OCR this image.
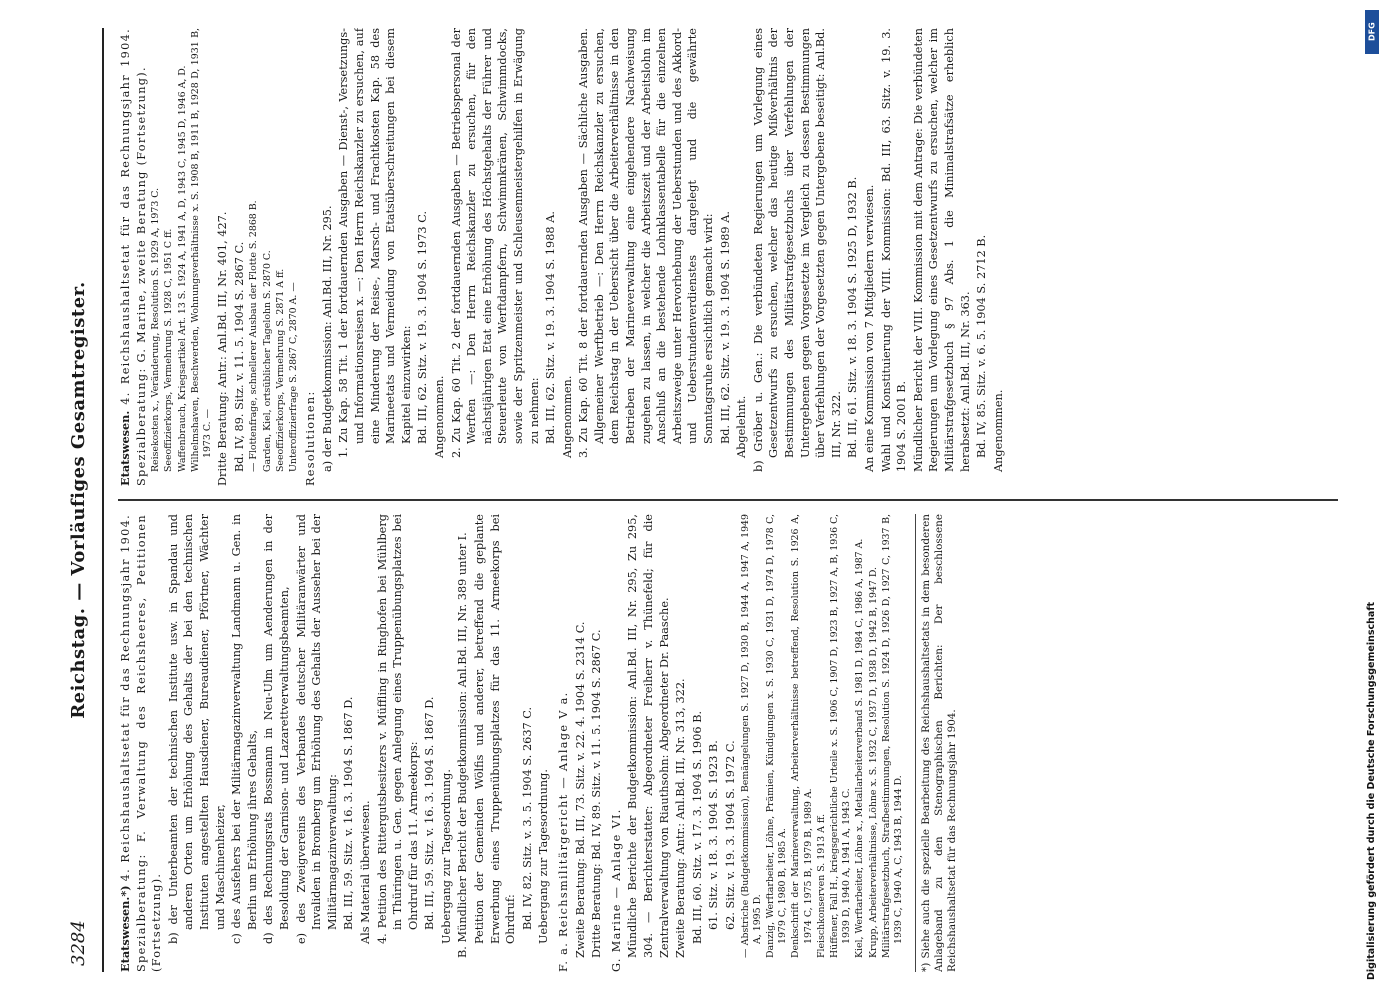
3284
Reichstag. — Vorläufiges Gesamtregister.

Etatswesen.*) 4. Reichshaushaltsetat für das Rechnungsjahr 1904. Spezialberatung: F. Verwaltung des Reichsheeres, Petitionen (Fortsetzung). b) der Unterbeamten der technischen Institute usw. in Spandau und anderen Orten um Erhöhung des Gehalts der bei den technischen Instituten angestellten Hausdiener, Bureaudiener, Pförtner, Wächter und Maschinenheizer, c) des Ausfehers bei der Militärmagazinverwaltung Landmann u. Gen. in Berlin um Erhöhung ihres Gehalts, d) des Rechnungsrats Bossmann in Neu-Ulm um Aenderungen in der Besoldung der Garnison- und Lazarettverwaltungsbeamten, e) des Zweigvereins des Verbandes deutscher Militäranwärter und Invaliden in Bromberg um Erhöhung des Gehalts der Ausseher bei der Militärmagazinverwaltung: Bd. III, 59. Sitz. v. 16. 3. 1904 S. 1867 D. Als Material überwiesen. 4. Petition des Rittergutsbesitzers v. Müffling in Ringhofen bei Mühlberg in Thüringen u. Gen. gegen Anlegung eines Truppenübungsplatzes bei Ohrdruf für das 11. Armeekorps: Bd. III, 59. Sitz. v. 16. 3. 1904 S. 1867 D. Uebergang zur Tagesordnung. B. Mündlicher Bericht der Budgetkommission: Anl.Bd. III, Nr. 389 unter I. Petition der Gemeinden Wölfis und anderer, betreffend die geplante Erwerbung eines Truppenübungsplatzes für das 11. Armeekorps bei Ohrdruf: Bd. IV, 82. Sitz. v. 3. 5. 1904 S. 2637 C. Uebergang zur Tagesordnung. F. a. Reichsmilitärgericht — Anlage V a. Zweite Beratung: Bd. III, 73. Sitz. v. 22. 4. 1904 S. 2314 C. Dritte Beratung: Bd. IV, 89. Sitz. v. 11. 5. 1904 S. 2867 C. G. Marine — Anlage VI. Mündliche Berichte der Budgetkommission: Anl.Bd. III, Nr. 295, Zu 295, 304. — Berichterstatter: Abgeordneter Freiherr v. Thünefeld; für die Zentralverwaltung von Riauthsohn: Abgeordneter Dr. Paasche. Zweite Beratung: Antr.: Anl.Bd. III, Nr. 313, 322. Bd. III, 60. Sitz. v. 17. 3. 1904 S. 1906 B. 61. Sitz. v. 18. 3. 1904 S. 1923 B. 62. Sitz. v. 19. 3. 1904 S. 1972 C. — Abstriche (Budgetkommission), Bemängelungen S. 1927 D, 1930 B, 1944 A, 1947 A, 1949 A, 1995 D. Danzig, Werftarbeiter, Löhne, Prämien, Kündigungen x. S. 1930 C, 1931 D, 1974 D, 1978 C, 1979 C, 1980 B, 1985 A. Denkschrift der Marineverwaltung, Arbeiterverhältnisse betreffend, Resolution S. 1926 A, 1974 C, 1975 B, 1979 B, 1989 A. Fleischkonserven S. 1913 A ff. Hüffener, Fall H., kriegsgerichtliche Urteile x. S. 1906 C, 1907 D, 1923 B, 1927 A, B, 1936 C, 1939 D, 1940 A, 1941 A, 1943 C. Kiel, Werftarbeiter, Löhne x., Metallarbeiterverband S. 1981 D, 1984 C, 1986 A, 1987 A. Krupp, Arbeiterverhältnisse, Löhne x. S. 1932 C, 1937 D, 1938 D, 1942 B, 1947 D. Militärstrafgesetzbuch, Strafbestimmungen, Resolution S. 1924 D, 1926 D, 1927 C, 1937 B, 1939 C, 1940 A, C, 1943 B, 1944 D.	*) Siehe auch die spezielle Bearbeitung des Reichshaushaltsetats in dem besonderen Anlageband zu den Stenographischen Berichten: Der beschlossene Reichshaushaltsetat für das Rechnungsjahr 1904.

Etatswesen. 4. Reichshaushaltsetat für das Rechnungsjahr 1904. Spezialberatung: G. Marine, zweite Beratung (Fortsetzung). Reisekosten x., Veränderung, Resolution S. 1929 A, 1973 C. Seeoffizierkorps, Vermehrung S. 1928 C, 1951 C ff. Waffenbrauch, Kriegsartikel Art. 13 S. 1924 A, 1941 A, D, 1943 C, 1945 D, 1946 A, D. Wilhelmshaven, Beschwerden, Wohnungsverhältnisse x. S. 1908 B, 1911 B, 1928 D, 1931 B, 1973 C. — Dritte Beratung: Antr.: Anl.Bd. III, Nr. 401, 427. Bd. IV, 89. Sitz. v. 11. 5. 1904 S. 2867 C. — Flottenfrage, schnellerer Ausbau der Flotte S. 2868 B. Garden, Kiel, ortsüblicher Tagelohn S. 2870 C. Seeoffizierkorps, Vermehrung S. 2871 A ff. Unteroffizierfrage S. 2867 C, 2870 A. — Resolutionen: a) der Budgetkommission: Anl.Bd. III, Nr. 295. 1. Zu Kap. 58 Tit. 1 der fortdauernden Ausgaben — Dienst-, Versetzungs- und Informationsreisen x. —: Den Herrn Reichskanzler zu ersuchen, auf eine Minderung der Reise-, Marsch- und Frachtkosten Kap. 58 des Marineetats und Vermeidung von Etatsüberschreitungen bei diesem Kapitel einzuwirken: Bd. III, 62. Sitz. v. 19. 3. 1904 S. 1973 C. Angenommen. 2. Zu Kap. 60 Tit. 2 der fortdauernden Ausgaben — Betriebspersonal der Werften —: Den Herrn Reichskanzler zu ersuchen, für den nächstjährigen Etat eine Erhöhung des Höchstgehalts der Führer und Steuerleute von Werftdampfern, Schwimmkränen, Schwimmdocks, sowie der Spritzenmeister und Schleusenmeistergehilfen in Erwägung zu nehmen: Bd. III, 62. Sitz. v. 19. 3. 1904 S. 1988 A. Angenommen. 3. Zu Kap. 60 Tit. 8 der fortdauernden Ausgaben — Sächliche Ausgaben. Allgemeiner Werftbetrieb —: Den Herrn Reichskanzler zu ersuchen, dem Reichstag in der Uebersicht über die Arbeiterverhältnisse in den Betrieben der Marineverwaltung eine eingehendere Nachweisung zugehen zu lassen, in welcher die Arbeitszeit und der Arbeitslohn im Anschluß an die bestehende Lohnklassentabelle für die einzelnen Arbeitszweige unter Hervorhebung der Ueberstunden und des Akkord- und Ueberstundenverdienstes dargelegt und die gewährte Sonntagsruhe ersichtlich gemacht wird: Bd. III, 62. Sitz. v. 19. 3. 1904 S. 1989 A. Abgelehnt. b) Gröber u. Gen.: Die verbündeten Regierungen um Vorlegung eines Gesetzentwurfs zu ersuchen, welcher das heutige Mißverhältnis der Bestimmungen des Militärstrafgesetzbuchs über Verfehlungen der Untergebenen gegen Vorgesetzte im Vergleich zu dessen Bestimmungen über Verfehlungen der Vorgesetzten gegen Untergebene beseitigt: Anl.Bd. III, Nr. 322. Bd. III, 61. Sitz. v. 18. 3. 1904 S. 1925 D, 1932 B. An eine Kommission von 7 Mitgliedern verwiesen. Wahl und Konstituierung der VIII. Kommission: Bd. III, 63. Sitz. v. 19. 3. 1904 S. 2001 B. Mündlicher Bericht der VIII. Kommission mit dem Antrage: Die verbündeten Regierungen um Vorlegung eines Gesetzentwurfs zu ersuchen, welcher im Militärstrafgesetzbuch § 97 Abs. 1 die Minimalstrafsätze erheblich herabsetzt: Anl.Bd. III, Nr. 363. Bd. IV, 85. Sitz. v. 6. 5. 1904 S. 2712 B. Angenommen.

DFG
Digitalisierung gefördert durch die Deutsche Forschungsgemeinschaft
